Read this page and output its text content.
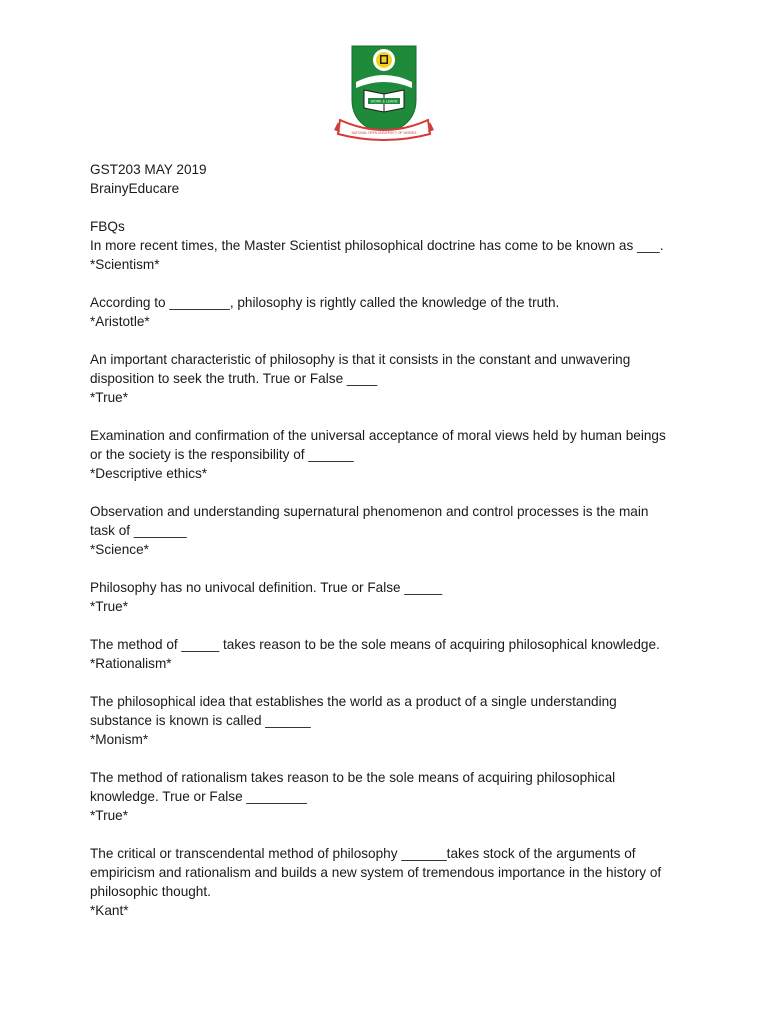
WORK & LEARN
NATIONAL OPEN UNIVERSITY OF NIGERIA

GST203 MAY 2019

BrainyEducare

FBQs

In more recent times, the Master Scientist philosophical doctrine has come to be known as ___.

*Scientism*

According to ________, philosophy is rightly called the knowledge of the truth.

*Aristotle*

An important characteristic of philosophy is that it consists in the constant and unwavering

disposition to seek the truth. True or False ____

*True*

Examination and confirmation of the universal acceptance of moral views held by human beings

or the society is the responsibility of ______

*Descriptive ethics*

Observation and understanding supernatural phenomenon and control processes is the main

task of _______

*Science*

Philosophy has no univocal definition. True or False _____

*True*

The method of _____ takes reason to be the sole means of acquiring philosophical knowledge.

*Rationalism*

The philosophical idea that establishes the world as a product of a single understanding

substance is known is called ______

*Monism*

The method of rationalism takes reason to be the sole means of acquiring philosophical

knowledge. True or False ________

*True*

The critical or transcendental method of philosophy ______takes stock of the arguments of

empiricism and rationalism and builds a new system of tremendous importance in the history of

philosophic thought.

*Kant*
